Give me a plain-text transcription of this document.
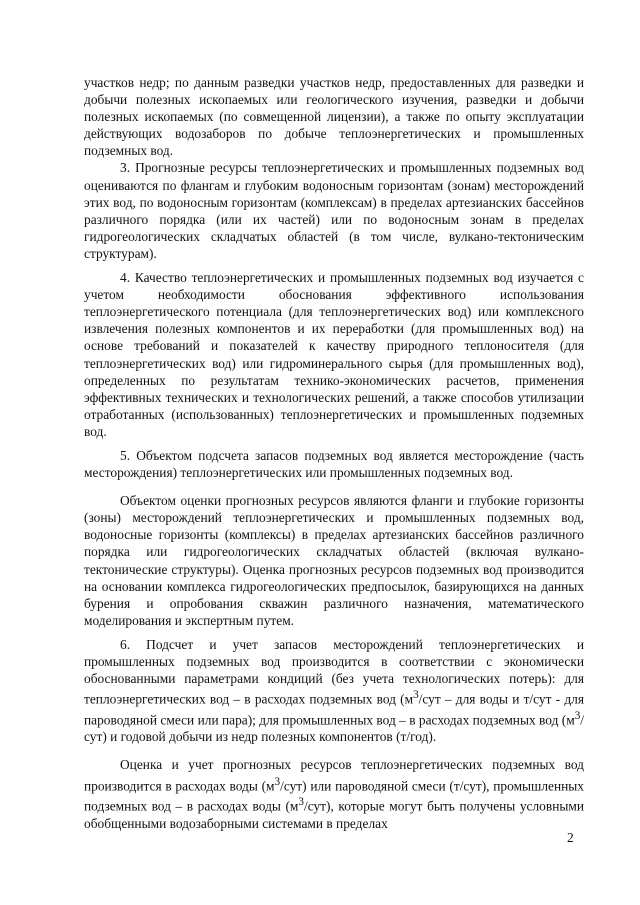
участков недр; по данным разведки участков недр, предоставленных для разведки и добычи полезных ископаемых или геологического изучения, разведки и добычи полезных ископаемых (по совмещенной лицензии), а также по опыту эксплуатации действующих водозаборов по добыче теплоэнергетических и промышленных подземных вод.

3. Прогнозные ресурсы теплоэнергетических и промышленных подземных вод оцениваются по флангам и глубоким водоносным горизонтам (зонам) месторождений этих вод, по водоносным горизонтам (комплексам) в пределах артезианских бассейнов различного порядка (или их частей) или по водоносным зонам в пределах гидрогеологических складчатых областей (в том числе, вулкано-тектоническим структурам).

4. Качество теплоэнергетических и промышленных подземных вод изучается с учетом необходимости обоснования эффективного использования теплоэнергетического потенциала (для теплоэнергетических вод) или комплексного извлечения полезных компонентов и их переработки (для промышленных вод) на основе требований и показателей к качеству природного теплоносителя (для теплоэнергетических вод) или гидроминерального сырья (для промышленных вод), определенных по результатам технико-экономических расчетов, применения эффективных технических и технологических решений, а также способов утилизации отработанных (использованных) теплоэнергетических и промышленных подземных вод.

5. Объектом подсчета запасов подземных вод является месторождение (часть месторождения) теплоэнергетических или промышленных подземных вод.

Объектом оценки прогнозных ресурсов являются фланги и глубокие горизонты (зоны) месторождений теплоэнергетических и промышленных подземных вод, водоносные горизонты (комплексы) в пределах артезианских бассейнов различного порядка или гидрогеологических складчатых областей (включая вулкано-тектонические структуры). Оценка прогнозных ресурсов подземных вод производится на основании комплекса гидрогеологических предпосылок, базирующихся на данных бурения и опробования скважин различного назначения, математического моделирования и экспертным путем.

6. Подсчет и учет запасов месторождений теплоэнергетических и промышленных подземных вод производится в соответствии с экономически обоснованными параметрами кондиций (без учета технологических потерь): для теплоэнергетических вод – в расходах подземных вод ($м^3$/сут – для воды и т/сут - для пароводяной смеси или пара); для промышленных вод – в расходах подземных вод $(м^3/сут)$ и годовой добычи из недр полезных компонентов (т/год).

Оценка и учет прогнозных ресурсов теплоэнергетических подземных вод производится в расходах воды $(м^3/сут)$ или пароводяной смеси (т/сут), промышленных подземных вод – в расходах воды $(м^3/сут)$, которые могут быть получены условными обобщенными водозаборными системами в пределах

2
